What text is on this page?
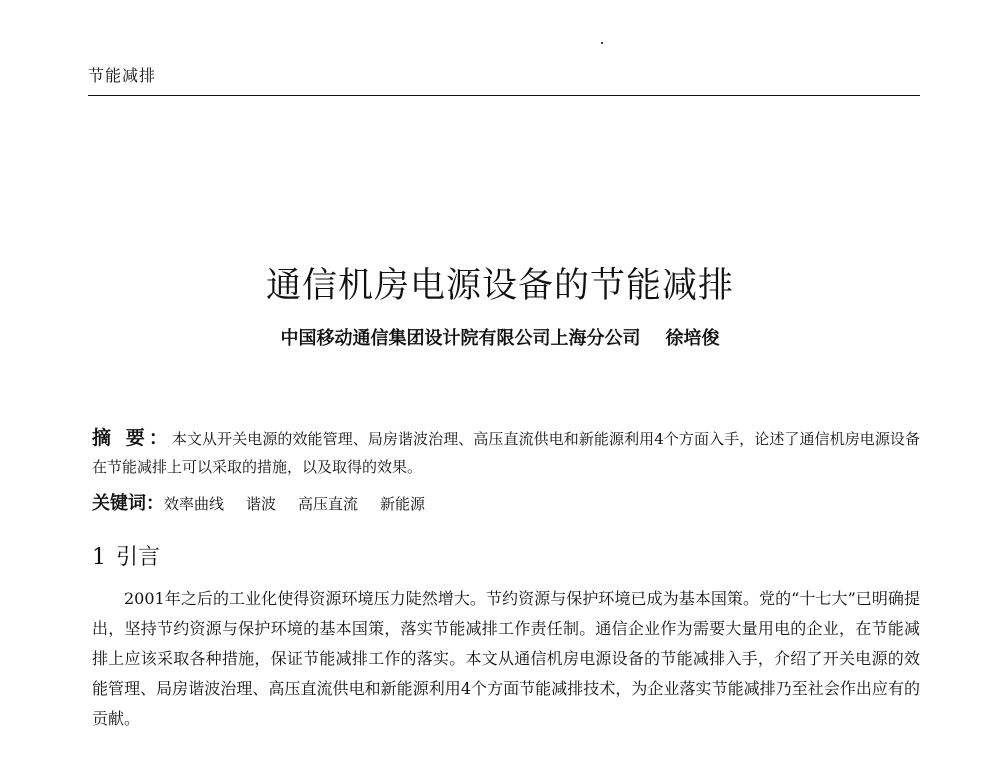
节能减排
通信机房电源设备的节能减排
中国移动通信集团设计院有限公司上海分公司 徐培俊
摘 要：本文从开关电源的效能管理、局房谐波治理、高压直流供电和新能源利用4个方面入手，论述了通信机房电源设备在节能减排上可以采取的措施，以及取得的效果。
关键词：效率曲线 谐波 高压直流 新能源
1 引言

2001年之后的工业化使得资源环境压力陡然增大。节约资源与保护环境已成为基本国策。党的“十七大”已明确提出，坚持节约资源与保护环境的基本国策，落实节能减排工作责任制。通信企业作为需要大量用电的企业，在节能减排上应该采取各种措施，保证节能减排工作的落实。本文从通信机房电源设备的节能减排入手，介绍了开关电源的效能管理、局房谐波治理、高压直流供电和新能源利用4个方面节能减排技术，为企业落实节能减排乃至社会作出应有的贡献。
